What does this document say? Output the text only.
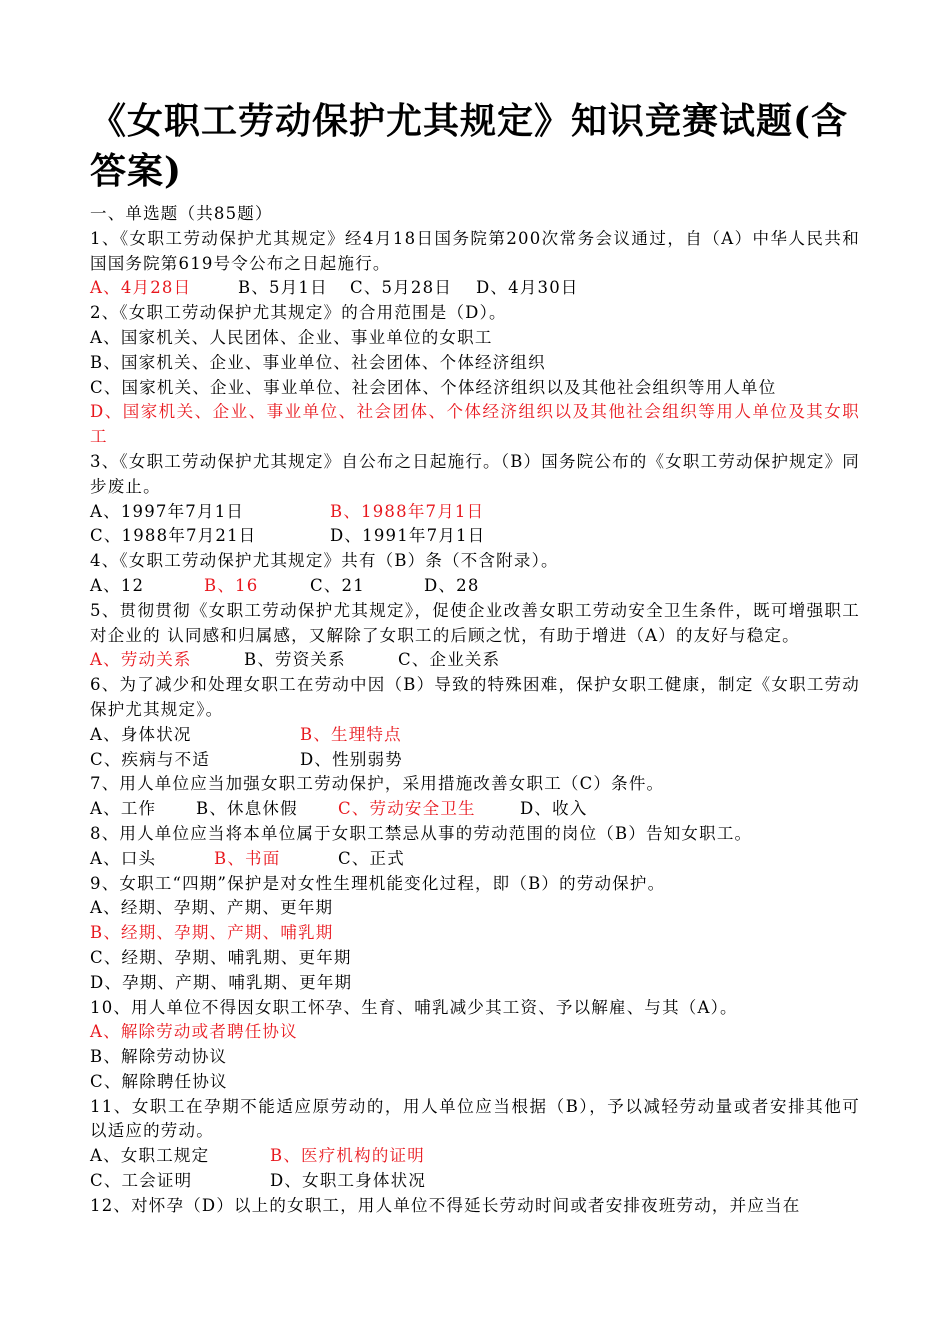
《女职工劳动保护尤其规定》知识竞赛试题(含答案)
一、单选题（共85题）
1、《女职工劳动保护尤其规定》经4月18日国务院第200次常务会议通过，自（A）中华人民共和国国务院第619号令公布之日起施行。
A、4月28日	B、5月1日 C、5月28日 D、4月30日
2、《女职工劳动保护尤其规定》的合用范围是（D）。
A、国家机关、人民团体、企业、事业单位的女职工
B、国家机关、企业、事业单位、社会团体、个体经济组织
C、国家机关、企业、事业单位、社会团体、个体经济组织以及其他社会组织等用人单位
D、国家机关、企业、事业单位、社会团体、个体经济组织以及其他社会组织等用人单位及其女职工
3、《女职工劳动保护尤其规定》自公布之日起施行。（B）国务院公布的《女职工劳动保护规定》同步废止。
A、1997年7月1日	B、1988年7月1日
C、1988年7月21日	D、1991年7月1日
4、《女职工劳动保护尤其规定》共有（B）条（不含附录）。
A、12	B、16	C、21	D、28
5、贯彻贯彻《女职工劳动保护尤其规定》，促使企业改善女职工劳动安全卫生条件，既可增强职工对企业的 认同感和归属感，又解除了女职工的后顾之忧，有助于增进（A）的友好与稳定。
A、劳动关系	B、劳资关系	C、企业关系
6、为了减少和处理女职工在劳动中因（B）导致的特殊困难，保护女职工健康，制定《女职工劳动保护尤其规定》。
A、身体状况	B、生理特点
C、疾病与不适	D、性别弱势
7、用人单位应当加强女职工劳动保护，采用措施改善女职工（C）条件。
A、工作 B、休息休假 C、劳动安全卫生	D、收入
8、用人单位应当将本单位属于女职工禁忌从事的劳动范围的岗位（B）告知女职工。
A、口头	B、书面	C、正式
9、女职工“四期”保护是对女性生理机能变化过程，即（B）的劳动保护。
A、经期、孕期、产期、更年期
B、经期、孕期、产期、哺乳期
C、经期、孕期、哺乳期、更年期
D、孕期、产期、哺乳期、更年期
10、用人单位不得因女职工怀孕、生育、哺乳减少其工资、予以解雇、与其（A）。
A、解除劳动或者聘任协议
B、解除劳动协议
C、解除聘任协议
11、女职工在孕期不能适应原劳动的，用人单位应当根据（B），予以减轻劳动量或者安排其他可以适应的劳动。
A、女职工规定	B、医疗机构的证明
C、工会证明	D、女职工身体状况
12、对怀孕（D）以上的女职工，用人单位不得延长劳动时间或者安排夜班劳动，并应当在
